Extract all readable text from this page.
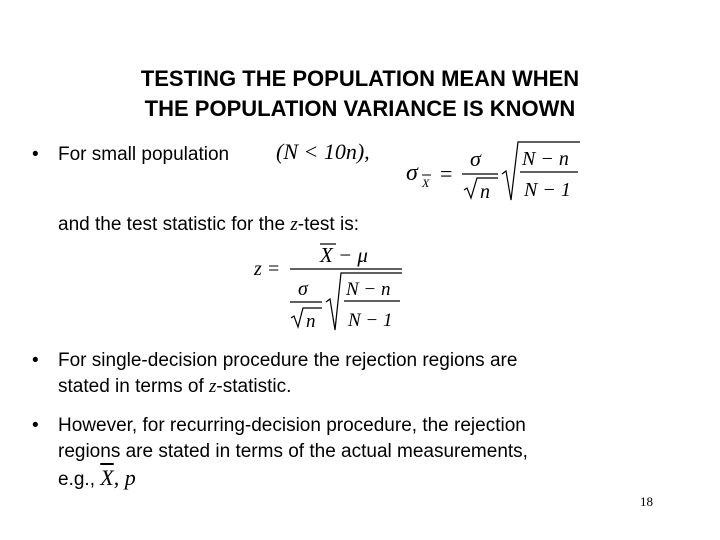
TESTING THE POPULATION MEAN WHEN
THE POPULATION VARIANCE IS KNOWN
• For small population (N < 10n),
σ X =
σ
n
N − n
N − 1
and the test statistic for the z-test is:
z =
X − μ
σ
n
N − n
N − 1
• For single-decision procedure the rejection regions are
stated in terms of z-statistic.
• However, for recurring-decision procedure, the rejection
regions are stated in terms of the actual measurements,
e.g., $\overline{X}$, p
18
